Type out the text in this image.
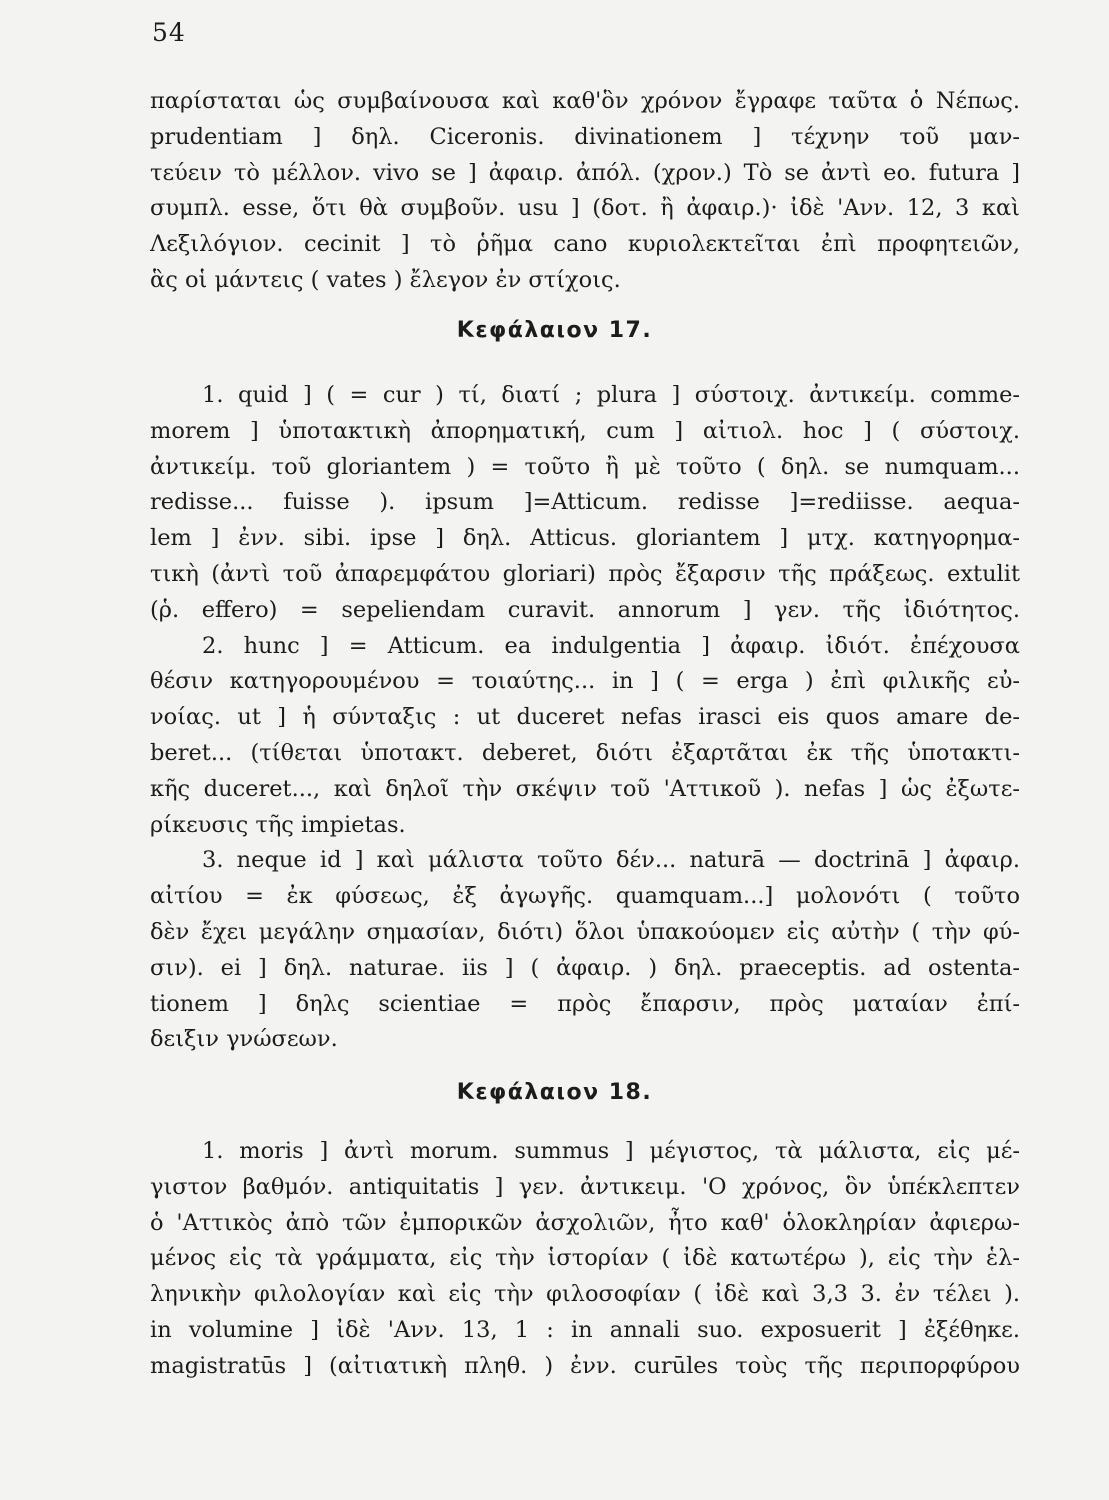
54
παρίσταται ὡς συμβαίνουσα καὶ καθ'ὃν χρόνον ἔγραφε ταῦτα ὁ Νέπως.
prudentiam ] δηλ. Ciceronis. divinationem ] τέχνην τοῦ μαν-
τεύειν τὸ μέλλον. vivo se ] ἀφαιρ. ἀπόλ. (χρον.) Τὸ se ἀντὶ eo. futura ]
συμπλ. esse, ὅτι θὰ συμβοῦν. usu ] (δοτ. ἢ ἀφαιρ.)· ἰδὲ 'Ανν. 12, 3 καὶ
Λεξιλόγιον. cecinit ] τὸ ῥῆμα cano κυριολεκτεῖται ἐπὶ προφητειῶν,
ἃς οἱ μάντεις ( vates ) ἔλεγον ἐν στίχοις.
Κεφάλαιον 17.
1. quid ] ( = cur ) τί, διατί ; plura ] σύστοιχ. ἀντικείμ. comme-
morem ] ὑποτακτικὴ ἀπορηματική, cum ] αἰτιολ. hoc ] ( σύστοιχ.
ἀντικείμ. τοῦ gloriantem ) = τοῦτο ἢ μὲ τοῦτο ( δηλ. se numquam...
redisse... fuisse ). ipsum ]=Atticum. redisse ]=rediisse. aequa-
lem ] ἐνν. sibi. ipse ] δηλ. Atticus. gloriantem ] μτχ. κατηγορημα-
τικὴ (ἀντὶ τοῦ ἀπαρεμφάτου gloriari) πρὸς ἔξαρσιν τῆς πράξεως. extulit
(ῥ. effero) = sepeliendam curavit. annorum ] γεν. τῆς ἰδιότητος.
2. hunc ] = Atticum. ea indulgentia ] ἀφαιρ. ἰδιότ. ἐπέχουσα
θέσιν κατηγορουμένου = τοιαύτης... in ] ( = erga ) ἐπὶ φιλικῆς εὐ-
νοίας. ut ] ἡ σύνταξις : ut duceret nefas irasci eis quos amare de-
beret... (τίθεται ὑποτακτ. deberet, διότι ἐξαρτᾶται ἐκ τῆς ὑποτακτι-
κῆς duceret..., καὶ δηλοῖ τὴν σκέψιν τοῦ 'Αττικοῦ ). nefas ] ὡς ἐξωτε-
ρίκευσις τῆς impietas.
3. neque id ] καὶ μάλιστα τοῦτο δέν... naturā — doctrinā ] ἀφαιρ.
αἰτίου = ἐκ φύσεως, ἐξ ἀγωγῆς. quamquam...] μολονότι ( τοῦτο
δὲν ἔχει μεγάλην σημασίαν, διότι) ὅλοι ὑπακούομεν εἰς αὐτὴν ( τὴν φύ-
σιν). ei ] δηλ. naturae. iis ] ( ἀφαιρ. ) δηλ. praeceptis. ad ostenta-
tionem ] δηλς scientiae = πρὸς ἔπαρσιν, πρὸς ματαίαν ἐπί-
δειξιν γνώσεων.
Κεφάλαιον 18.
1. moris ] ἀντὶ morum. summus ] μέγιστος, τὰ μάλιστα, εἰς μέ-
γιστον βαθμόν. antiquitatis ] γεν. ἀντικειμ. 'Ο χρόνος, ὃν ὑπέκλεπτεν
ὁ 'Αττικὸς ἀπὸ τῶν ἐμπορικῶν ἀσχολιῶν, ἦτο καθ' ὁλοκληρίαν ἀφιερω-
μένος εἰς τὰ γράμματα, εἰς τὴν ἱστορίαν ( ἰδὲ κατωτέρω ), εἰς τὴν ἑλ-
ληνικὴν φιλολογίαν καὶ εἰς τὴν φιλοσοφίαν ( ἰδὲ καὶ 3,3 3. ἐν τέλει ).
in volumine ] ἰδὲ 'Ανν. 13, 1 : in annali suo. exposuerit ] ἐξέθηκε.
magistratūs ] (αἰτιατικὴ πληθ. ) ἐνν. curūles τοὺς τῆς περιπορφύρου
